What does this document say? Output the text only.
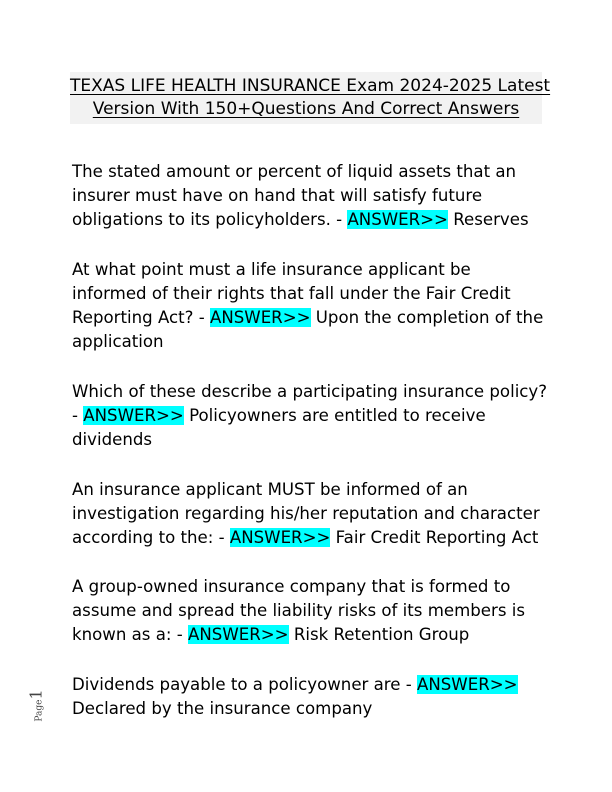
TEXAS LIFE HEALTH INSURANCE Exam 2024-2025 Latest
Version With 150+Questions And Correct Answers

The stated amount or percent of liquid assets that an
insurer must have on hand that will satisfy future
obligations to its policyholders. - ANSWER>> Reserves

At what point must a life insurance applicant be
informed of their rights that fall under the Fair Credit
Reporting Act? - ANSWER>> Upon the completion of the
application

Which of these describe a participating insurance policy?
- ANSWER>> Policyowners are entitled to receive
dividends

An insurance applicant MUST be informed of an
investigation regarding his/her reputation and character
according to the: - ANSWER>> Fair Credit Reporting Act

A group-owned insurance company that is formed to
assume and spread the liability risks of its members is
known as a: - ANSWER>> Risk Retention Group

Dividends payable to a policyowner are - ANSWER>>
Declared by the insurance company

Page1
